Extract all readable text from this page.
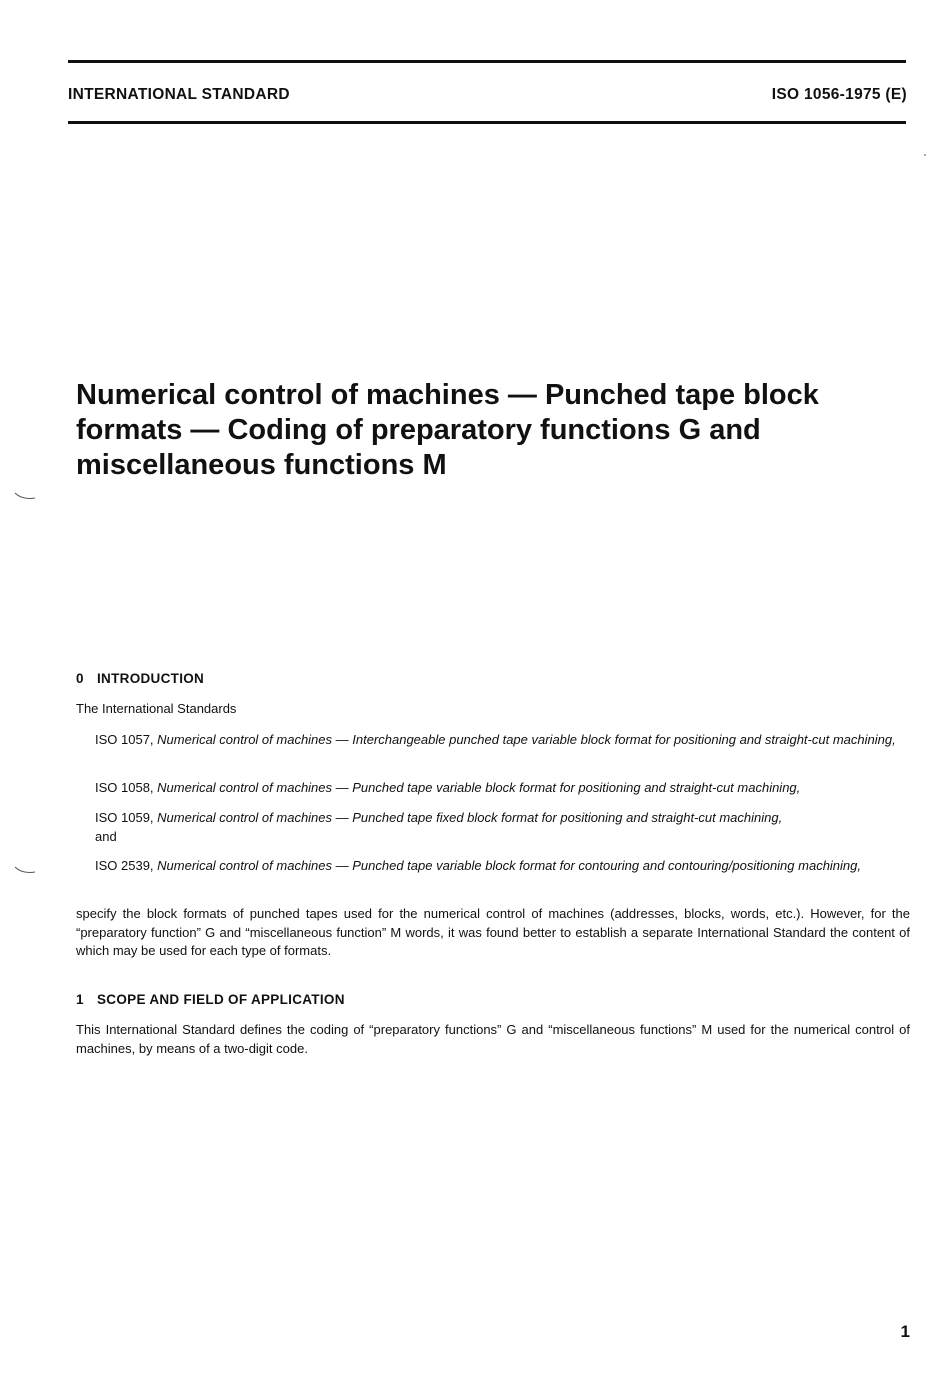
INTERNATIONAL STANDARD	ISO 1056-1975 (E)
Numerical control of machines — Punched tape block
formats — Coding of preparatory functions G and
miscellaneous functions M
0 INTRODUCTION
The International Standards
ISO 1057, Numerical control of machines — Interchangeable punched tape variable block format for positioning and straight-cut machining,
ISO 1058, Numerical control of machines — Punched tape variable block format for positioning and straight-cut machining,
ISO 1059, Numerical control of machines — Punched tape fixed block format for positioning and straight-cut machining,
and
ISO 2539, Numerical control of machines — Punched tape variable block format for contouring and contouring/positioning machining,
specify the block formats of punched tapes used for the numerical control of machines (addresses, blocks, words, etc.). However, for the “preparatory function” G and “miscellaneous function” M words, it was found better to establish a separate International Standard the content of which may be used for each type of formats.
1 SCOPE AND FIELD OF APPLICATION
This International Standard defines the coding of “preparatory functions” G and “miscellaneous functions” M used for the numerical control of machines, by means of a two-digit code.
1
